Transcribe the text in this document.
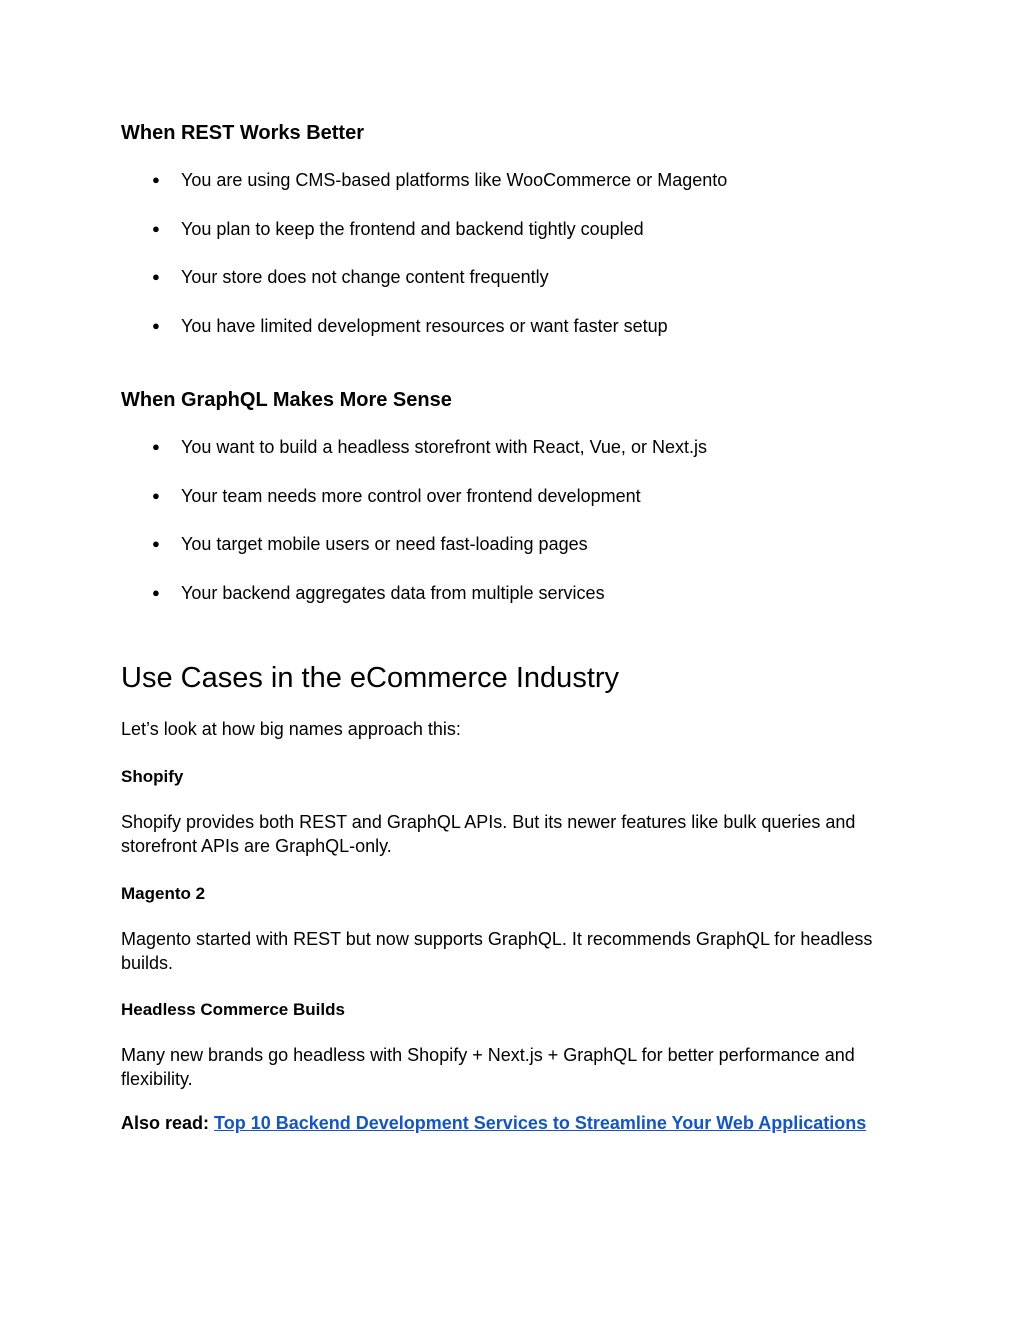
When REST Works Better
● You are using CMS-based platforms like WooCommerce or Magento
● You plan to keep the frontend and backend tightly coupled
● Your store does not change content frequently
● You have limited development resources or want faster setup
When GraphQL Makes More Sense
● You want to build a headless storefront with React, Vue, or Next.js
● Your team needs more control over frontend development
● You target mobile users or need fast-loading pages
● Your backend aggregates data from multiple services
Use Cases in the eCommerce Industry
Let’s look at how big names approach this:
Shopify
Shopify provides both REST and GraphQL APIs. But its newer features like bulk queries and storefront APIs are GraphQL-only.
Magento 2
Magento started with REST but now supports GraphQL. It recommends GraphQL for headless builds.
Headless Commerce Builds
Many new brands go headless with Shopify + Next.js + GraphQL for better performance and flexibility.
Also read: Top 10 Backend Development Services to Streamline Your Web Applications
